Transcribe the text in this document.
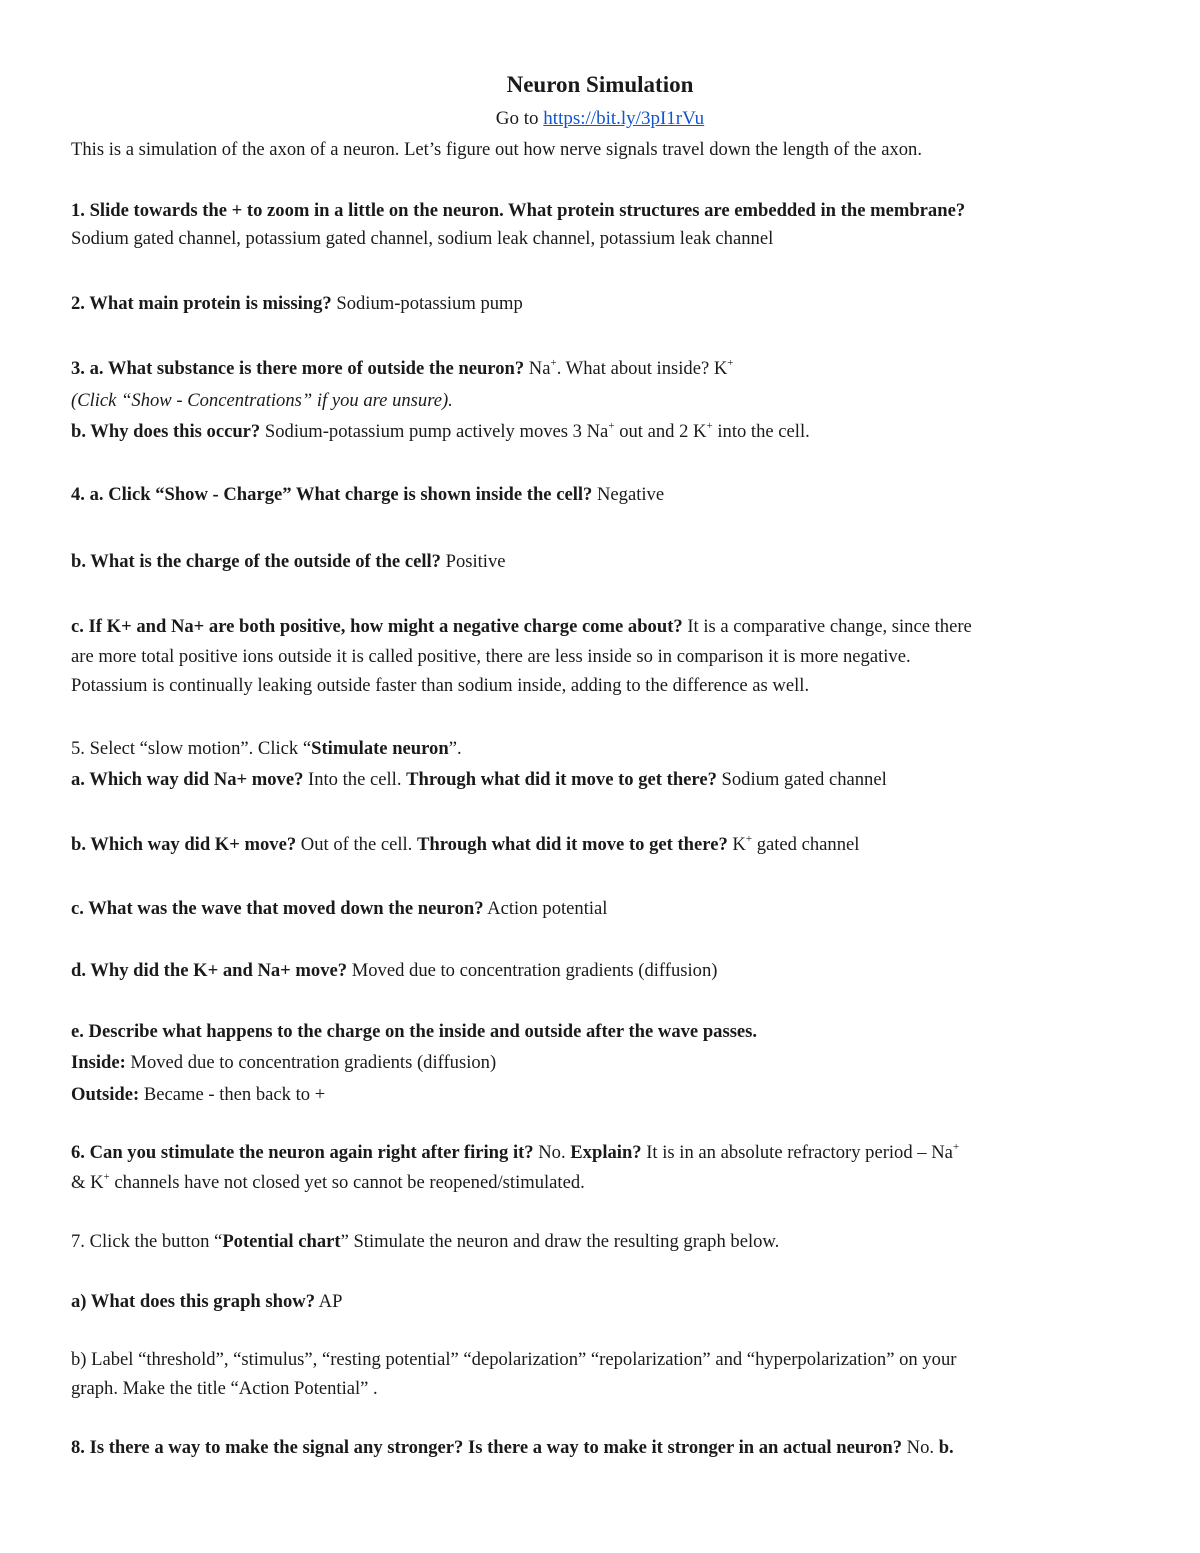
Neuron Simulation
Go to https://bit.ly/3pI1rVu
This is a simulation of the axon of a neuron. Let’s figure out how nerve signals travel down the length of the axon.
1. Slide towards the + to zoom in a little on the neuron. What protein structures are embedded in the membrane?
Sodium gated channel, potassium gated channel, sodium leak channel, potassium leak channel
2. What main protein is missing? Sodium-potassium pump
3. a. What substance is there more of outside the neuron? Na+. What about inside? K+
(Click “Show - Concentrations” if you are unsure).
b. Why does this occur? Sodium-potassium pump actively moves 3 Na+ out and 2 K+ into the cell.
4. a. Click “Show - Charge” What charge is shown inside the cell? Negative
b. What is the charge of the outside of the cell? Positive
c. If K+ and Na+ are both positive, how might a negative charge come about? It is a comparative change, since there
are more total positive ions outside it is called positive, there are less inside so in comparison it is more negative.
Potassium is continually leaking outside faster than sodium inside, adding to the difference as well.
5. Select “slow motion”. Click “Stimulate neuron”.
a. Which way did Na+ move? Into the cell. Through what did it move to get there? Sodium gated channel
b. Which way did K+ move? Out of the cell. Through what did it move to get there? K+ gated channel
c. What was the wave that moved down the neuron? Action potential
d. Why did the K+ and Na+ move? Moved due to concentration gradients (diffusion)
e. Describe what happens to the charge on the inside and outside after the wave passes.
Inside: Moved due to concentration gradients (diffusion)
Outside: Became - then back to +
6. Can you stimulate the neuron again right after firing it? No. Explain? It is in an absolute refractory period – Na+
& K+ channels have not closed yet so cannot be reopened/stimulated.
7. Click the button “Potential chart” Stimulate the neuron and draw the resulting graph below.
a) What does this graph show? AP
b) Label “threshold”, “stimulus”, “resting potential” “depolarization” “repolarization” and “hyperpolarization” on your
graph. Make the title “Action Potential” .
8. Is there a way to make the signal any stronger? Is there a way to make it stronger in an actual neuron? No. b.
